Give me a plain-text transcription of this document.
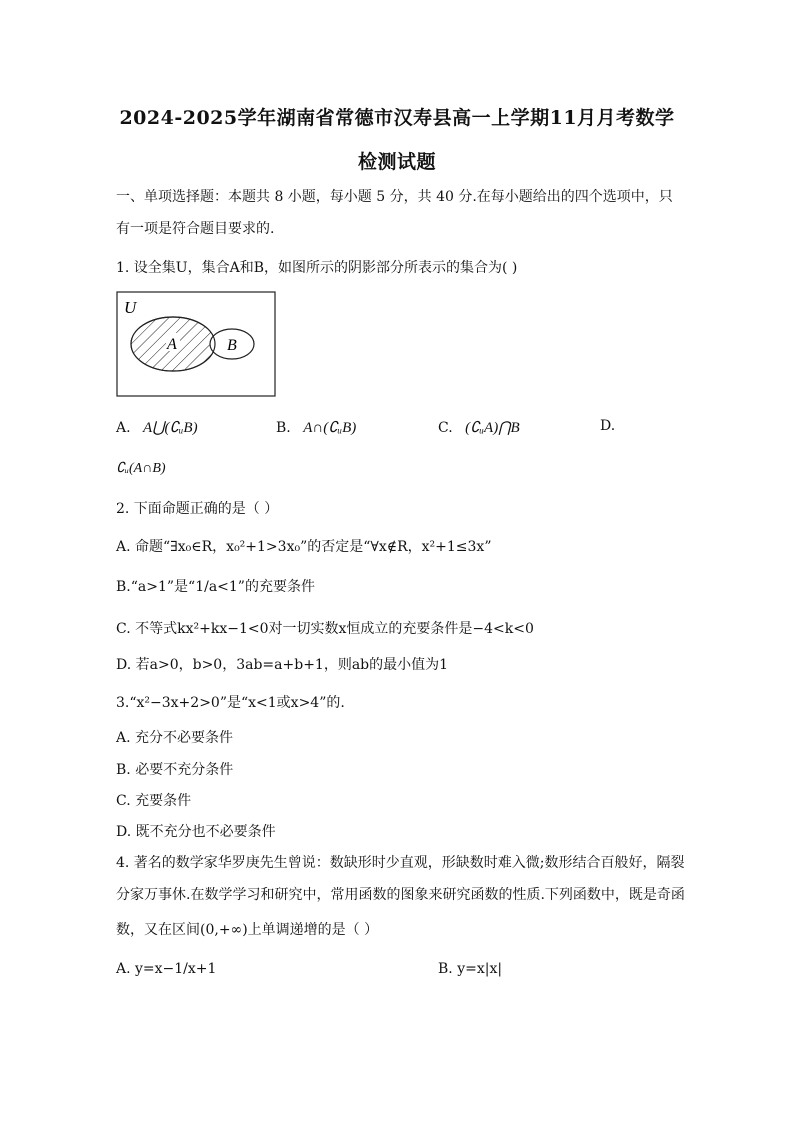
2024-2025学年湖南省常德市汉寿县高一上学期11月月考数学
检测试题
一、单项选择题：本题共 8 小题，每小题 5 分，共 40 分.在每小题给出的四个选项中，只
有一项是符合题目要求的.
1. 设全集U，集合A和B，如图所示的阴影部分所表示的集合为( )
U
A	B
A. A⋃(∁ᵤB)	B. A∩(∁ᵤB)	C. (∁ᵤA)⋂B	D.
∁ᵤ(A∩B)
2. 下面命题正确的是（ ）
A. 命题“∃x₀∈R，x₀²+1>3x₀”的否定是“∀x∉R，x²+1≤3x”
B.“a>1”是“1/a<1”的充要条件
C. 不等式kx²+kx−1<0对一切实数x恒成立的充要条件是−4<k<0
D. 若a>0，b>0，3ab=a+b+1，则ab的最小值为1
3.“x²−3x+2>0”是“x<1或x>4”的.
A. 充分不必要条件
B. 必要不充分条件
C. 充要条件
D. 既不充分也不必要条件
4. 著名的数学家华罗庚先生曾说：数缺形时少直观，形缺数时难入微;数形结合百般好，隔裂
分家万事休.在数学学习和研究中，常用函数的图象来研究函数的性质.下列函数中，既是奇函
数，又在区间(0,+∞)上单调递增的是（ ）
A. y=x−1/x+1	B. y=x|x|
